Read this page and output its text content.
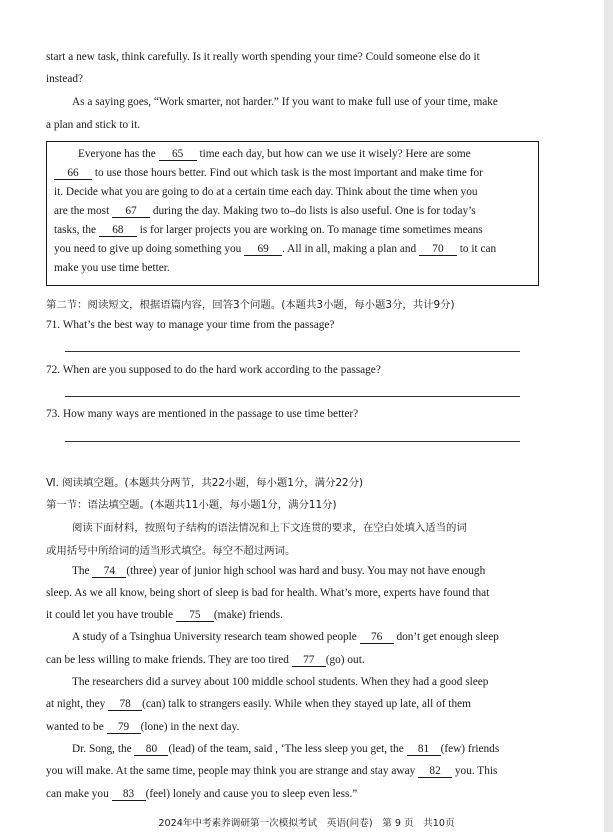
start a new task, think carefully. Is it really worth spending your time? Could someone else do it
instead?
As a saying goes, “Work smarter, not harder.” If you want to make full use of your time, make
a plan and stick to it.
Everyone has the 65 time each day, but how can we use it wisely? Here are some
66 to use those hours better. Find out which task is the most important and make time for
it. Decide what you are going to do at a certain time each day. Think about the time when you
are the most 67 during the day. Making two to–do lists is also useful. One is for today’s
tasks, the 68 is for larger projects you are working on. To manage time sometimes means
you need to give up doing something you 69 . All in all, making a plan and 70 to it can
make you use time better.
第二节：阅读短文，根据语篇内容，回答3个问题。(本题共3小题，每小题3分，共计9分)
71. What’s the best way to manage your time from the passage?
72. When are you supposed to do the hard work according to the passage?
73. How many ways are mentioned in the passage to use time better?
Ⅵ. 阅读填空题。(本题共分两节，共22小题，每小题1分，满分22分)
第一节：语法填空题。(本题共11小题，每小题1分，满分11分)
阅读下面材料，按照句子结构的语法情况和上下文连贯的要求，在空白处填入适当的词
或用括号中所给词的适当形式填空。每空不超过两词。
The 74 (three) year of junior high school was hard and busy. You may not have enough
sleep. As we all know, being short of sleep is bad for health. What’s more, experts have found that
it could let you have trouble 75 (make) friends.
A study of a Tsinghua University research team showed people 76 don’t get enough sleep
can be less willing to make friends. They are too tired 77 (go) out.
The researchers did a survey about 100 middle school students. When they had a good sleep
at night, they 78 (can) talk to strangers easily. While when they stayed up late, all of them
wanted to be 79 (lone) in the next day.
Dr. Song, the 80 (lead) of the team, said , ‘The less sleep you get, the 81 (few) friends
you will make. At the same time, people may think you are strange and stay away 82 you. This
can make you 83 (feel) lonely and cause you to sleep even less.”
2024年中考素养调研第一次模拟考试　英语(问卷)　第 9 页　共10页
